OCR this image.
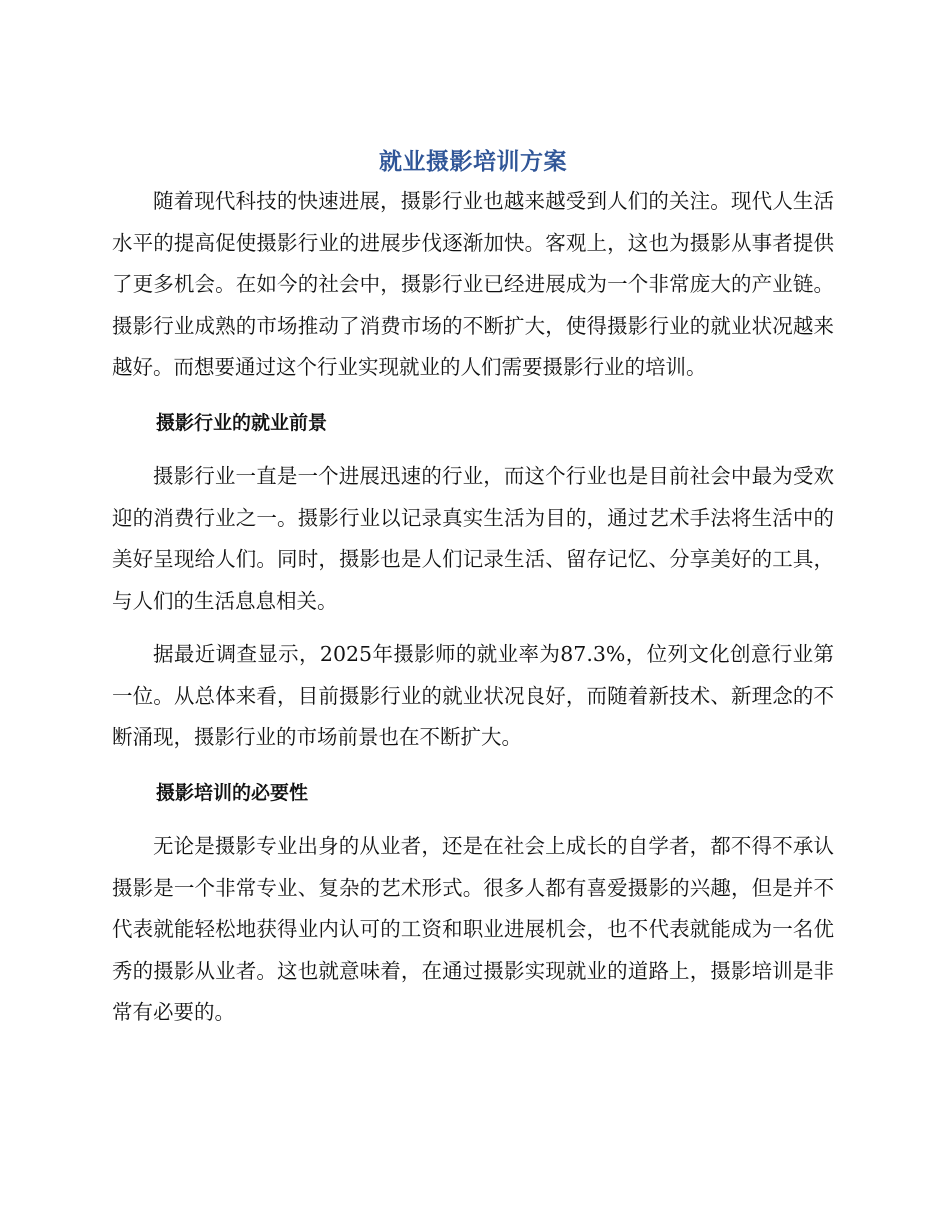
就业摄影培训方案

随着现代科技的快速进展，摄影行业也越来越受到人们的关注。现代人生活水平的提高促使摄影行业的进展步伐逐渐加快。客观上，这也为摄影从事者提供了更多机会。在如今的社会中，摄影行业已经进展成为一个非常庞大的产业链。摄影行业成熟的市场推动了消费市场的不断扩大，使得摄影行业的就业状况越来越好。而想要通过这个行业实现就业的人们需要摄影行业的培训。

摄影行业的就业前景

摄影行业一直是一个进展迅速的行业，而这个行业也是目前社会中最为受欢迎的消费行业之一。摄影行业以记录真实生活为目的，通过艺术手法将生活中的美好呈现给人们。同时，摄影也是人们记录生活、留存记忆、分享美好的工具，与人们的生活息息相关。

据最近调查显示，2025年摄影师的就业率为87.3%，位列文化创意行业第一位。从总体来看，目前摄影行业的就业状况良好，而随着新技术、新理念的不断涌现，摄影行业的市场前景也在不断扩大。

摄影培训的必要性

无论是摄影专业出身的从业者，还是在社会上成长的自学者，都不得不承认摄影是一个非常专业、复杂的艺术形式。很多人都有喜爱摄影的兴趣，但是并不代表就能轻松地获得业内认可的工资和职业进展机会，也不代表就能成为一名优秀的摄影从业者。这也就意味着，在通过摄影实现就业的道路上，摄影培训是非常有必要的。
